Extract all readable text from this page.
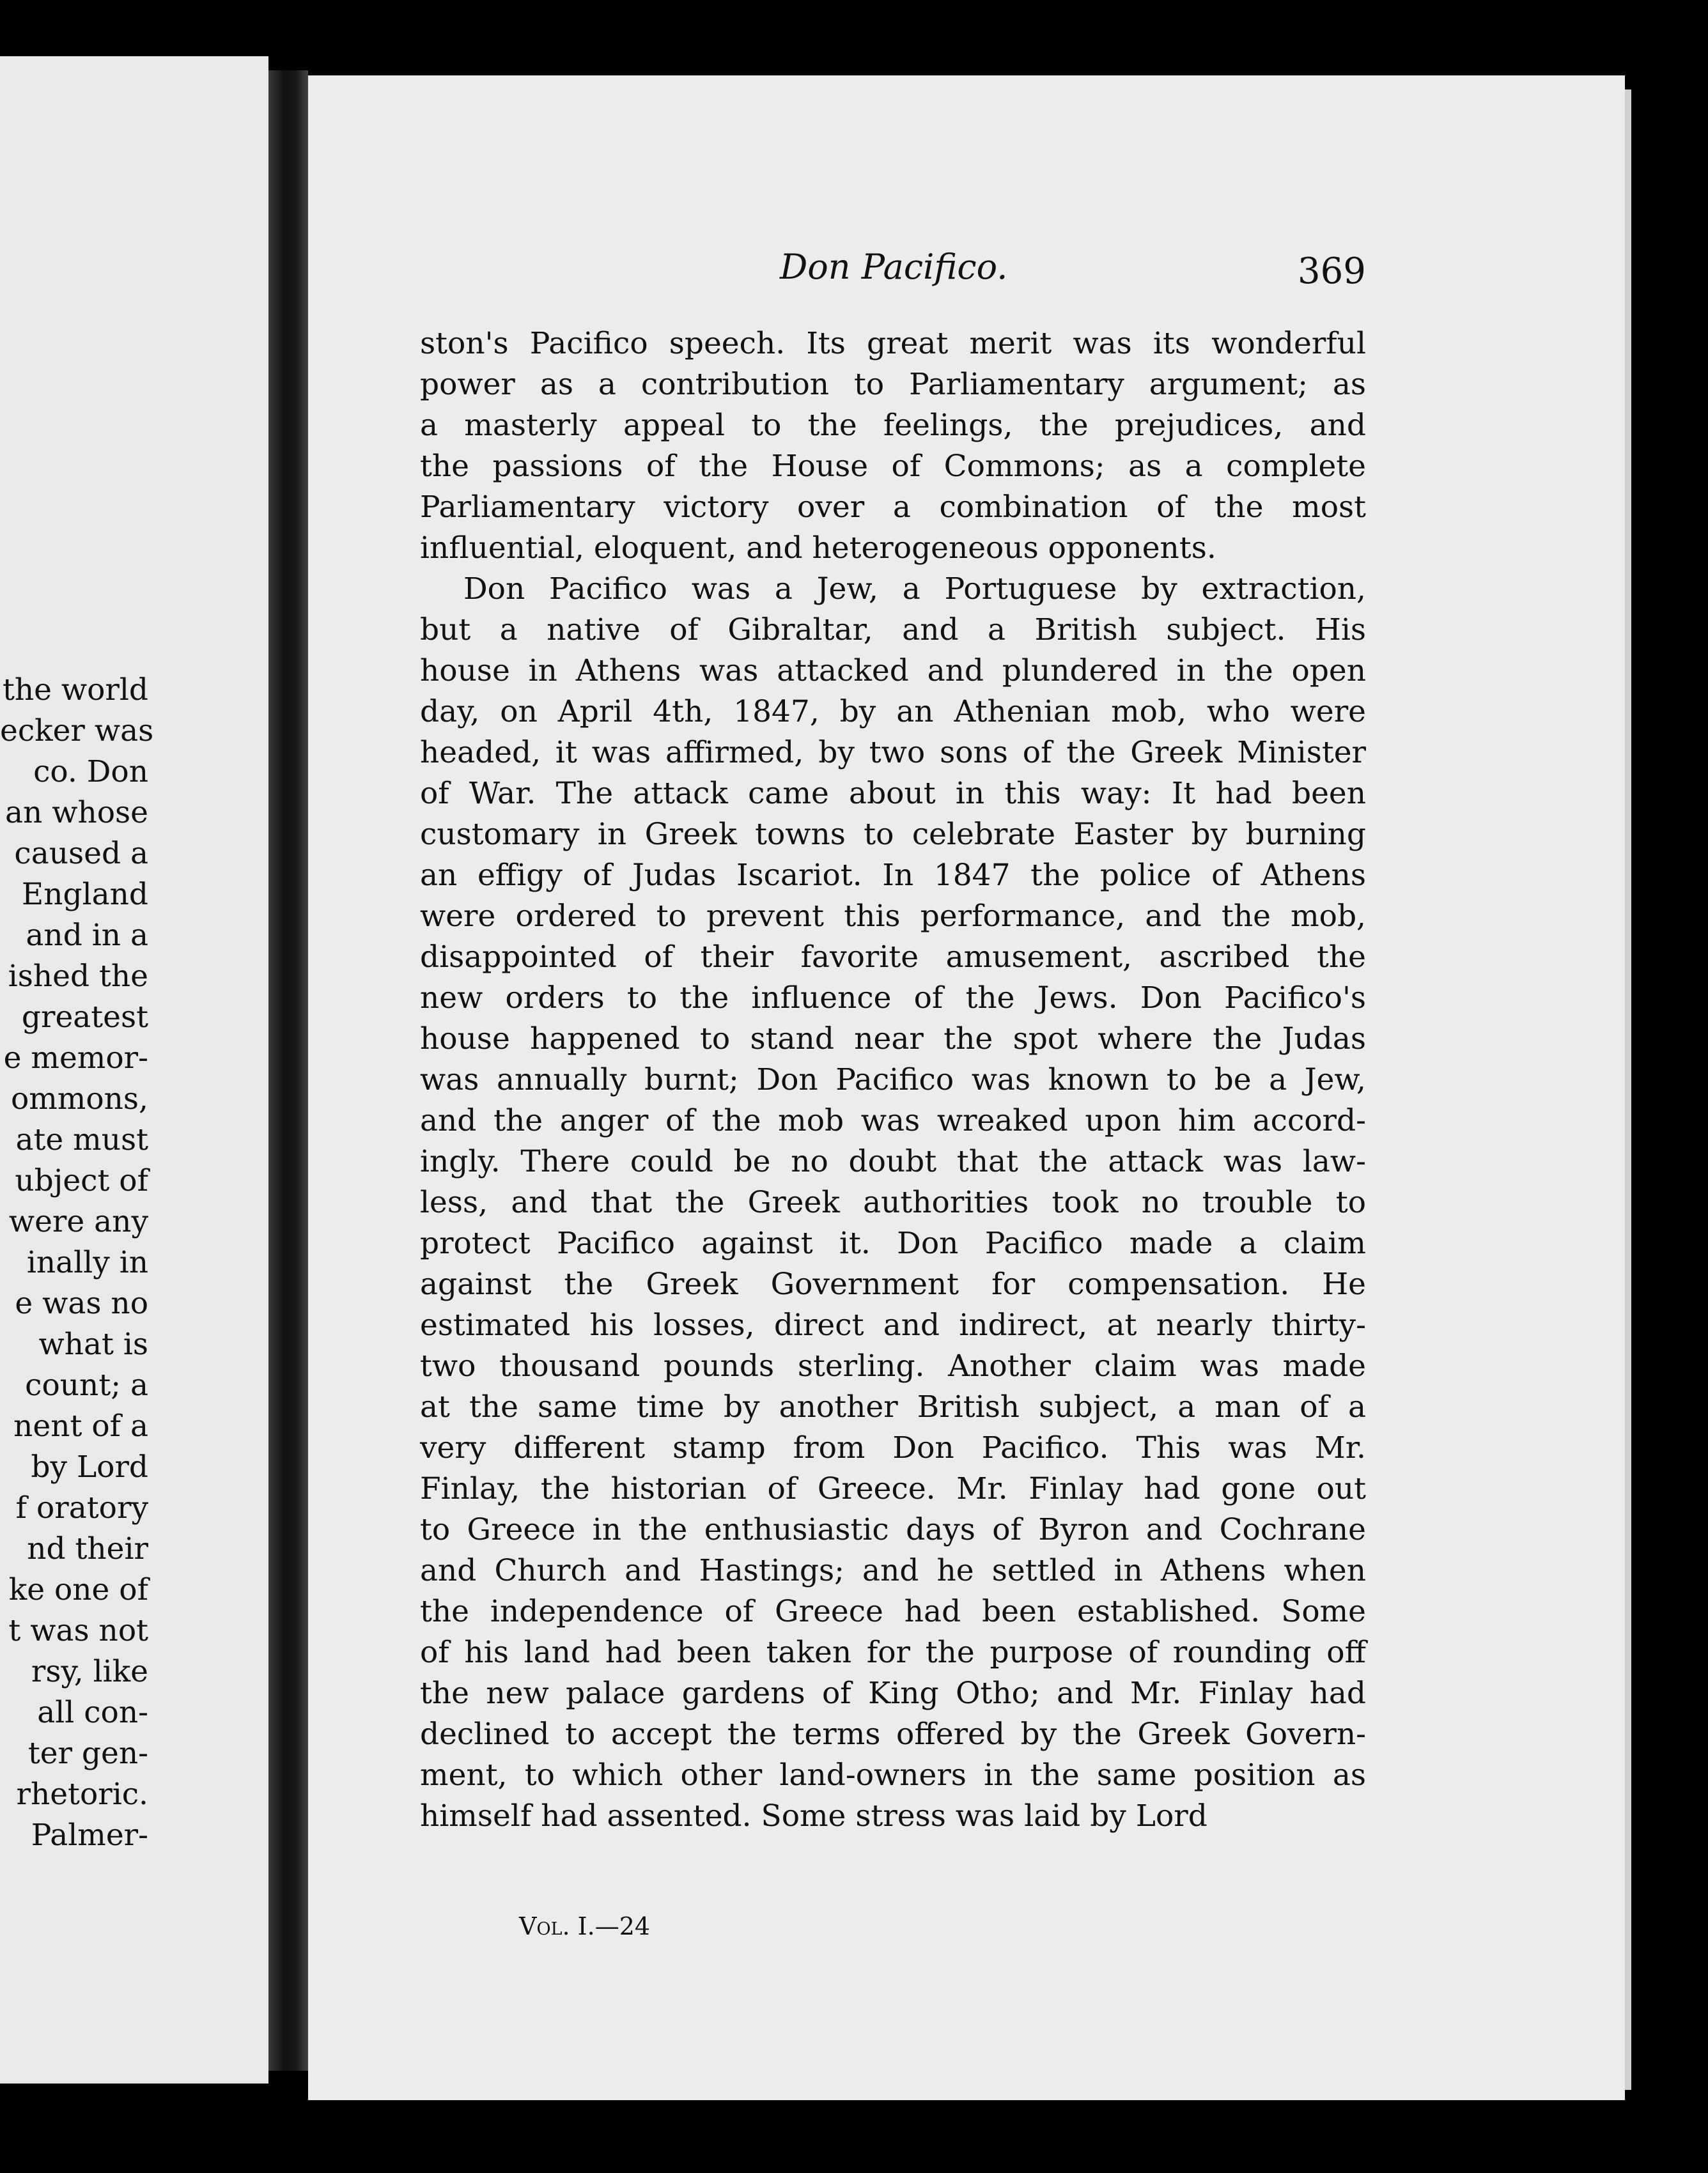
the world
ecker was
co. Don
an whose
caused a
England
and in a
ished the
greatest
e memor-
ommons,
ate must
ubject of
were any
inally in
e was no
what is
count; a
nent of a
by Lord
f oratory
nd their
ke one of
t was not
rsy, like
all con-
ter gen-
rhetoric.
Palmer-
Don Pacifico.	369
ston's Pacifico speech. Its great merit was its wonderful
power as a contribution to Parliamentary argument; as
a masterly appeal to the feelings, the prejudices, and
the passions of the House of Commons; as a complete
Parliamentary victory over a combination of the most
influential, eloquent, and heterogeneous opponents.
Don Pacifico was a Jew, a Portuguese by extraction,
but a native of Gibraltar, and a British subject. His
house in Athens was attacked and plundered in the open
day, on April 4th, 1847, by an Athenian mob, who were
headed, it was affirmed, by two sons of the Greek Minister
of War. The attack came about in this way: It had been
customary in Greek towns to celebrate Easter by burning
an effigy of Judas Iscariot. In 1847 the police of Athens
were ordered to prevent this performance, and the mob,
disappointed of their favorite amusement, ascribed the
new orders to the influence of the Jews. Don Pacifico's
house happened to stand near the spot where the Judas
was annually burnt; Don Pacifico was known to be a Jew,
and the anger of the mob was wreaked upon him accord-
ingly. There could be no doubt that the attack was law-
less, and that the Greek authorities took no trouble to
protect Pacifico against it. Don Pacifico made a claim
against the Greek Government for compensation. He
estimated his losses, direct and indirect, at nearly thirty-
two thousand pounds sterling. Another claim was made
at the same time by another British subject, a man of a
very different stamp from Don Pacifico. This was Mr.
Finlay, the historian of Greece. Mr. Finlay had gone out
to Greece in the enthusiastic days of Byron and Cochrane
and Church and Hastings; and he settled in Athens when
the independence of Greece had been established. Some
of his land had been taken for the purpose of rounding off
the new palace gardens of King Otho; and Mr. Finlay had
declined to accept the terms offered by the Greek Govern-
ment, to which other land-owners in the same position as
himself had assented. Some stress was laid by Lord
Vol. I.—24
